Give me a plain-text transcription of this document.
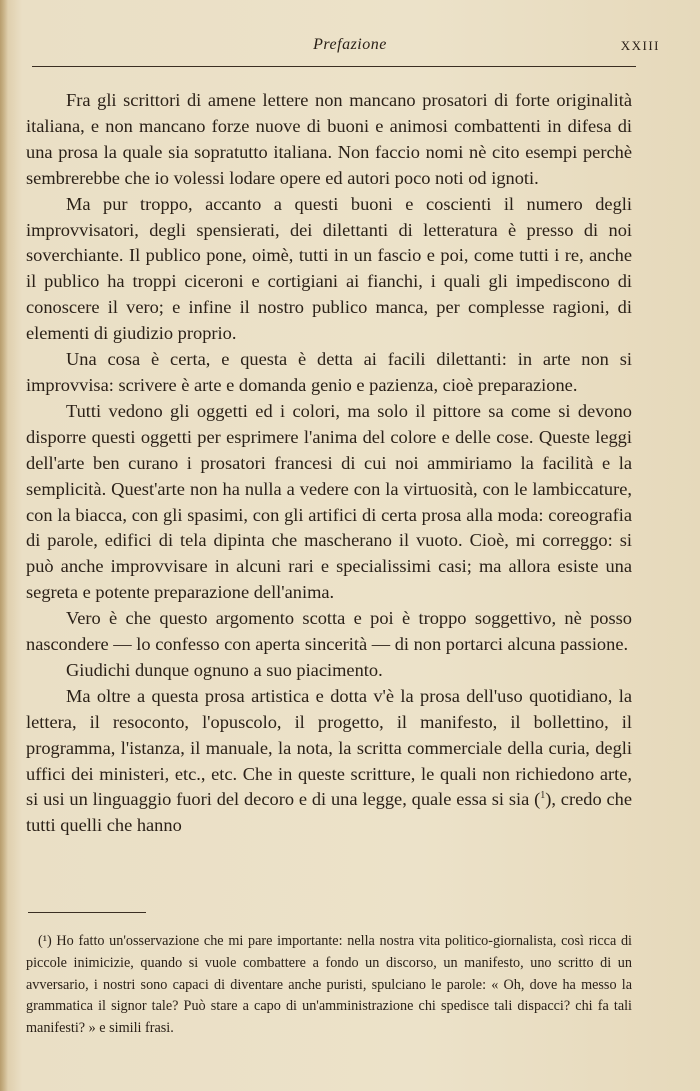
Prefazione	XXIII

Fra gli scrittori di amene lettere non mancano prosatori di forte originalità italiana, e non mancano forze nuove di buoni e animosi combattenti in difesa di una prosa la quale sia sopratutto italiana. Non faccio nomi nè cito esempi perchè sembrerebbe che io volessi lodare opere ed autori poco noti od ignoti.

Ma pur troppo, accanto a questi buoni e coscienti il numero degli improvvisatori, degli spensierati, dei dilettanti di letteratura è presso di noi soverchiante. Il publico pone, oimè, tutti in un fascio e poi, come tutti i re, anche il publico ha troppi ciceroni e cortigiani ai fianchi, i quali gli impediscono di conoscere il vero; e infine il nostro publico manca, per complesse ragioni, di elementi di giudizio proprio.

Una cosa è certa, e questa è detta ai facili dilettanti: in arte non si improvvisa: scrivere è arte e domanda genio e pazienza, cioè preparazione.

Tutti vedono gli oggetti ed i colori, ma solo il pittore sa come si devono disporre questi oggetti per esprimere l'anima del colore e delle cose. Queste leggi dell'arte ben curano i prosatori francesi di cui noi ammiriamo la facilità e la semplicità. Quest'arte non ha nulla a vedere con la virtuosità, con le lambiccature, con la biacca, con gli spasimi, con gli artifici di certa prosa alla moda: coreografia di parole, edifici di tela dipinta che mascherano il vuoto. Cioè, mi correggo: si può anche improvvisare in alcuni rari e specialissimi casi; ma allora esiste una segreta e potente preparazione dell'anima.

Vero è che questo argomento scotta e poi è troppo soggettivo, nè posso nascondere — lo confesso con aperta sincerità — di non portarci alcuna passione.

Giudichi dunque ognuno a suo piacimento.

Ma oltre a questa prosa artistica e dotta v'è la prosa dell'uso quotidiano, la lettera, il resoconto, l'opuscolo, il progetto, il manifesto, il bollettino, il programma, l'istanza, il manuale, la nota, la scritta commerciale della curia, degli uffici dei ministeri, etc., etc. Che in queste scritture, le quali non richiedono arte, si usi un linguaggio fuori del decoro e di una legge, quale essa si sia ($^1$), credo che tutti quelli che hanno

(¹) Ho fatto un'osservazione che mi pare importante: nella nostra vita politico-giornalista, così ricca di piccole inimicizie, quando si vuole combattere a fondo un discorso, un manifesto, uno scritto di un avversario, i nostri sono capaci di diventare anche puristi, spulciano le parole: « Oh, dove ha messo la grammatica il signor tale? Può stare a capo di un'amministrazione chi spedisce tali dispacci? chi fa tali manifesti? » e simili frasi.
